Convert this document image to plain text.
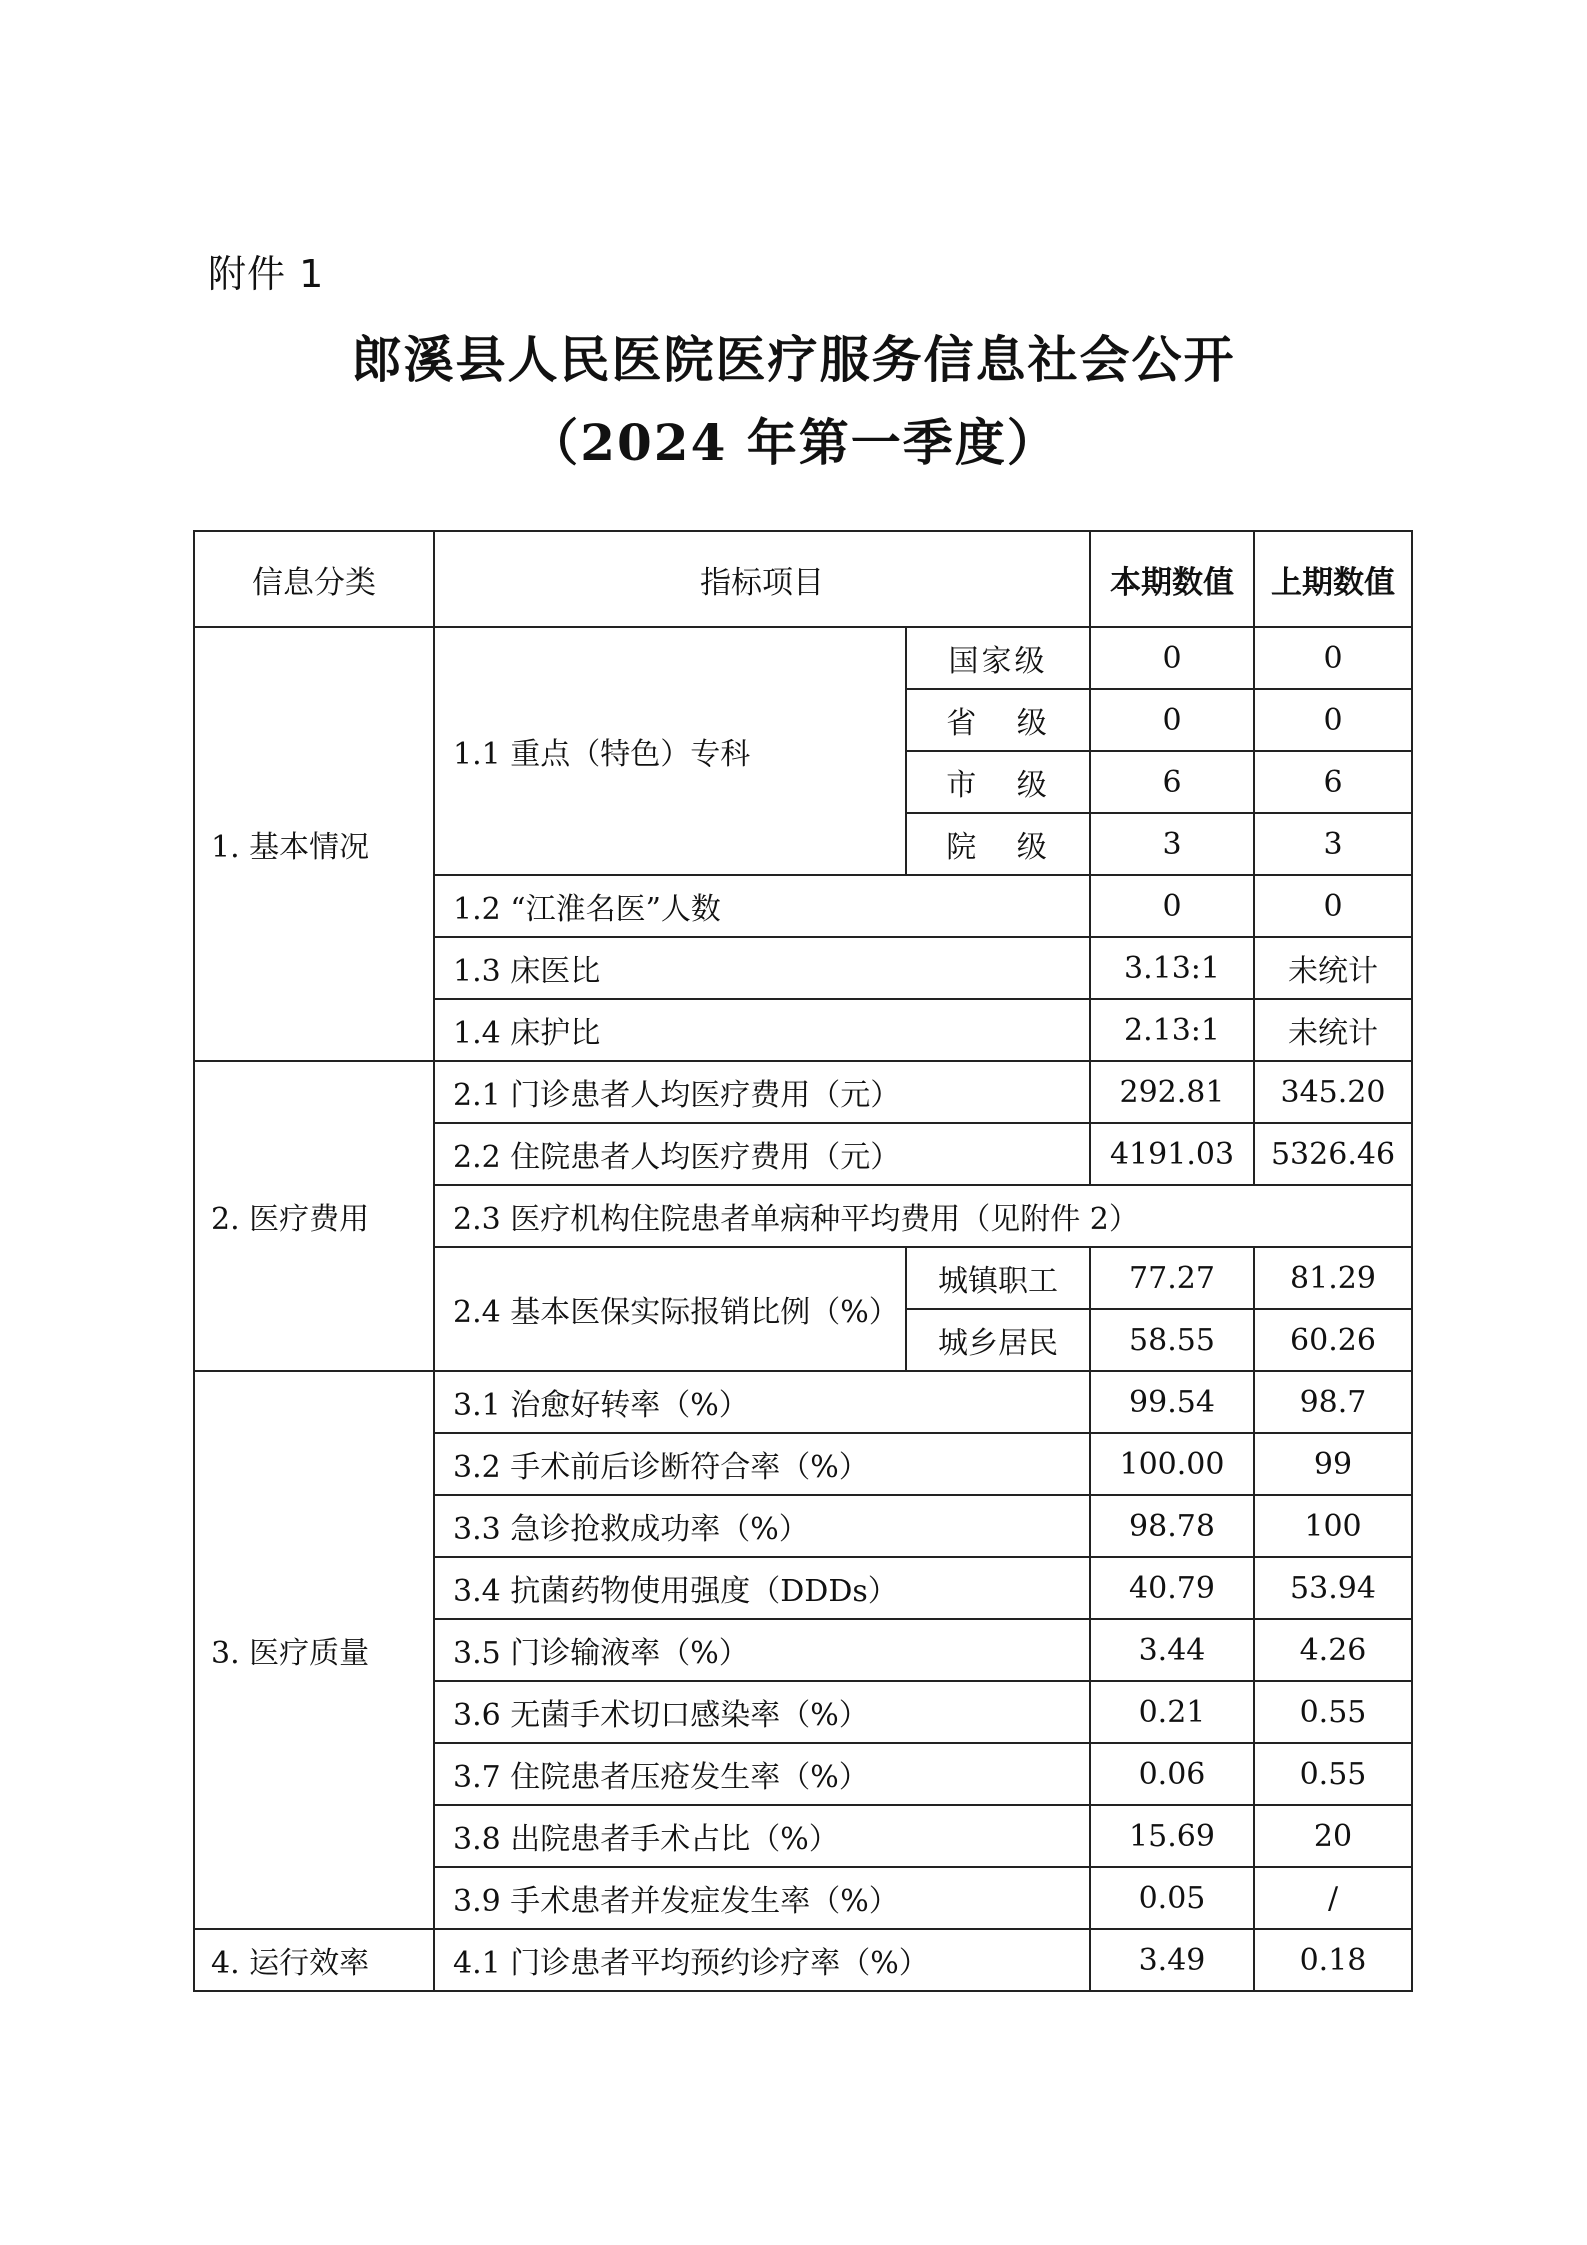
附件 1
郎溪县人民医院医疗服务信息社会公开
（2024 年第一季度）
信息分类	指标项目		本期数值	上期数值
1. 基本情况	1.1 重点（特色）专科	国家级	0	0
		省   级	0	0
		市   级	6	6
		院   级	3	3
	1.2 “江淮名医”人数		0	0
	1.3 床医比		3.13:1	未统计
	1.4 床护比		2.13:1	未统计
2. 医疗费用	2.1 门诊患者人均医疗费用（元）		292.81	345.20
	2.2 住院患者人均医疗费用（元）		4191.03	5326.46
	2.3 医疗机构住院患者单病种平均费用（见附件 2）			
	2.4 基本医保实际报销比例（%）	城镇职工	77.27	81.29
		城乡居民	58.55	60.26
3. 医疗质量	3.1 治愈好转率（%）		99.54	98.7
	3.2 手术前后诊断符合率（%）		100.00	99
	3.3 急诊抢救成功率（%）		98.78	100
	3.4 抗菌药物使用强度（DDDs）		40.79	53.94
	3.5 门诊输液率（%）		3.44	4.26
	3.6 无菌手术切口感染率（%）		0.21	0.55
	3.7 住院患者压疮发生率（%）		0.06	0.55
	3.8 出院患者手术占比（%）		15.69	20
	3.9 手术患者并发症发生率（%）		0.05	/
4. 运行效率	4.1 门诊患者平均预约诊疗率（%）		3.49	0.18
